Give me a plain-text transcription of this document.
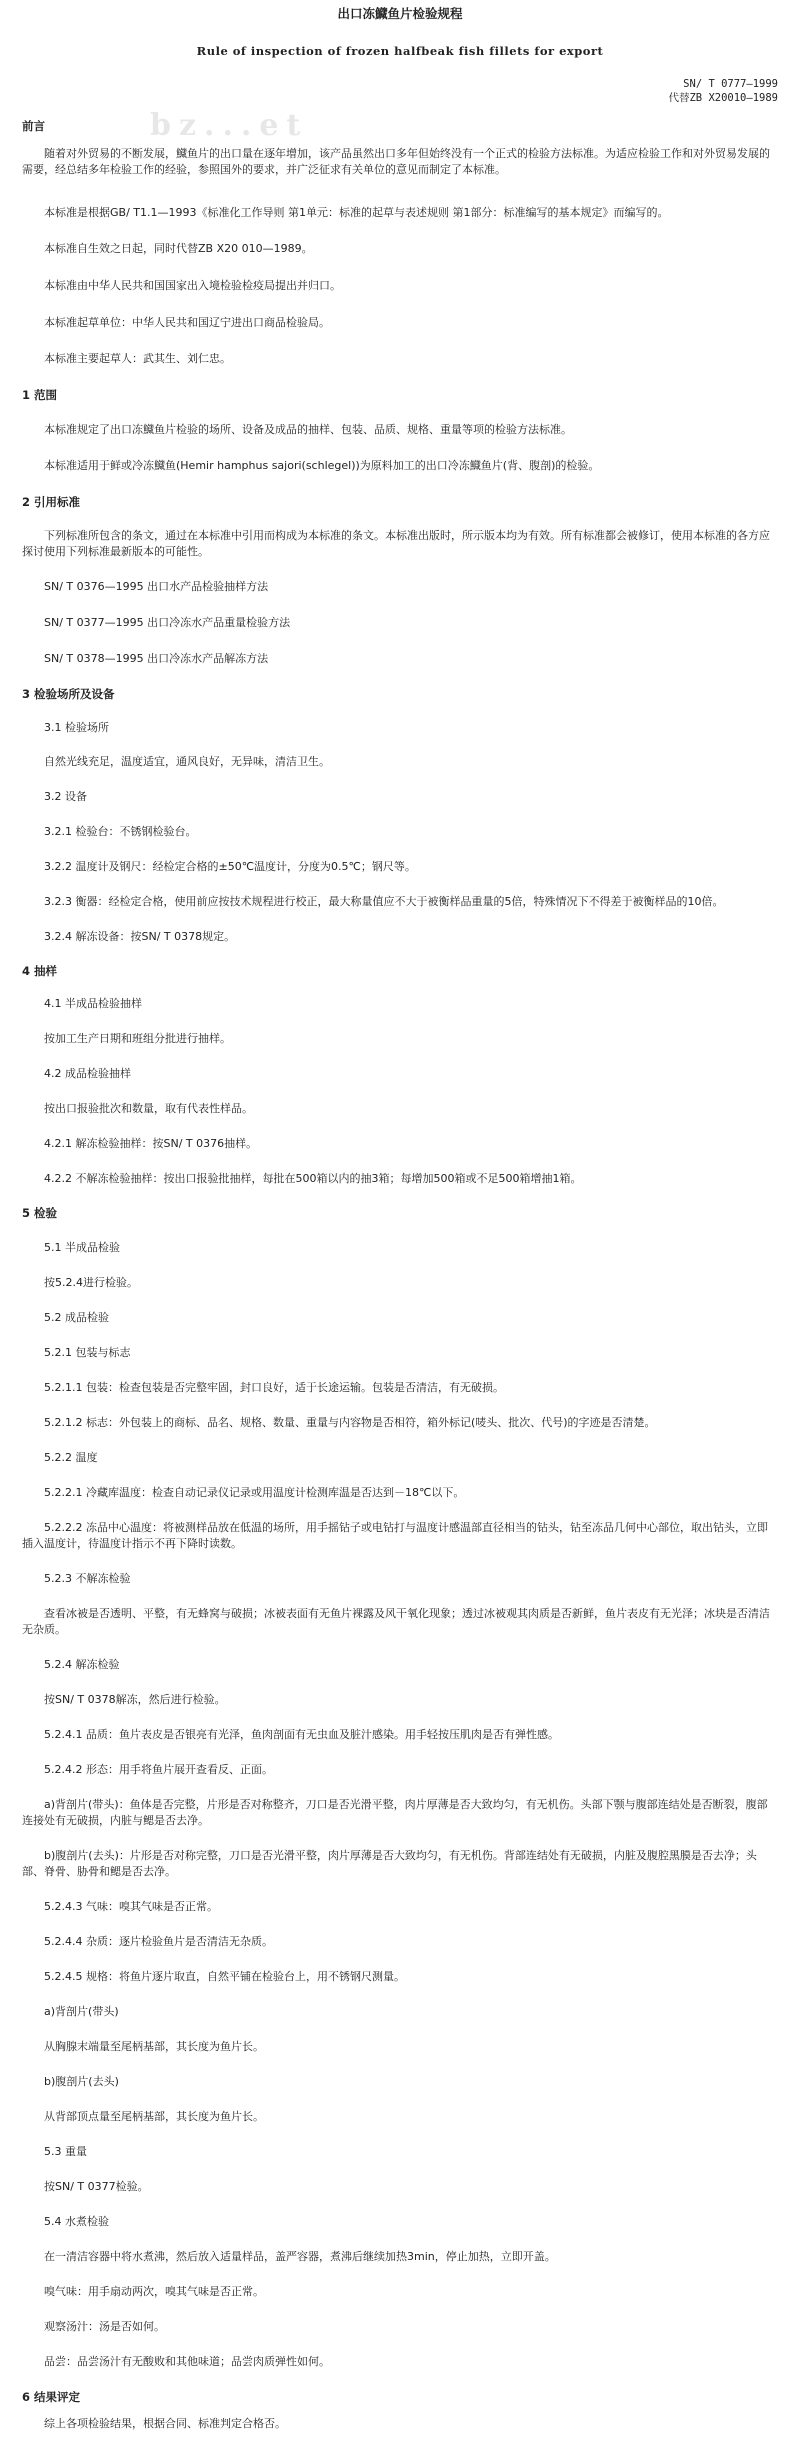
bz...et
出口冻鱵鱼片检验规程
Rule of inspection of frozen halfbeak fish fillets for export
SN/ T 0777—1999
代替ZB X20010—1989
前言
随着对外贸易的不断发展，鱵鱼片的出口量在逐年增加，该产品虽然出口多年但始终没有一个正式的检验方法标准。为适应检验工作和对外贸易发展的需要，经总结多年检验工作的经验，参照国外的要求，并广泛征求有关单位的意见而制定了本标准。
本标准是根据GB/ T1.1—1993《标准化工作导则 第1单元：标准的起草与表述规则 第1部分：标准编写的基本规定》而编写的。
本标准自生效之日起，同时代替ZB X20 010—1989。
本标准由中华人民共和国国家出入境检验检疫局提出并归口。
本标准起草单位：中华人民共和国辽宁进出口商品检验局。
本标准主要起草人：武其生、刘仁忠。
1 范围
本标准规定了出口冻鱵鱼片检验的场所、设备及成品的抽样、包装、品质、规格、重量等项的检验方法标准。
本标准适用于鲜或冷冻鱵鱼(Hemir hamphus sajori(schlegel))为原料加工的出口冷冻鱵鱼片(背、腹剖)的检验。
2 引用标准
下列标准所包含的条文，通过在本标准中引用而构成为本标准的条文。本标准出版时，所示版本均为有效。所有标准都会被修订，使用本标准的各方应探讨使用下列标准最新版本的可能性。
SN/ T 0376—1995 出口水产品检验抽样方法
SN/ T 0377—1995 出口冷冻水产品重量检验方法
SN/ T 0378—1995 出口冷冻水产品解冻方法
3 检验场所及设备
3.1 检验场所
自然光线充足，温度适宜，通风良好，无异味，清洁卫生。
3.2 设备
3.2.1 检验台：不锈钢检验台。
3.2.2 温度计及钢尺：经检定合格的±50℃温度计，分度为0.5℃；钢尺等。
3.2.3 衡器：经检定合格，使用前应按技术规程进行校正，最大称量值应不大于被衡样品重量的5倍，特殊情况下不得差于被衡样品的10倍。
3.2.4 解冻设备：按SN/ T 0378规定。
4 抽样
4.1 半成品检验抽样
按加工生产日期和班组分批进行抽样。
4.2 成品检验抽样
按出口报验批次和数量，取有代表性样品。
4.2.1 解冻检验抽样：按SN/ T 0376抽样。
4.2.2 不解冻检验抽样：按出口报验批抽样，每批在500箱以内的抽3箱；每增加500箱或不足500箱增抽1箱。
5 检验
5.1 半成品检验
按5.2.4进行检验。
5.2 成品检验
5.2.1 包装与标志
5.2.1.1 包装：检查包装是否完整牢固，封口良好，适于长途运输。包装是否清洁，有无破损。
5.2.1.2 标志：外包装上的商标、品名、规格、数量、重量与内容物是否相符，箱外标记(唛头、批次、代号)的字迹是否清楚。
5.2.2 温度
5.2.2.1 冷藏库温度：检查自动记录仪记录或用温度计检测库温是否达到－18℃以下。
5.2.2.2 冻品中心温度：将被测样品放在低温的场所，用手摇钻子或电钻打与温度计感温部直径相当的钻头，钻至冻品几何中心部位，取出钻头，立即插入温度计，待温度计指示不再下降时读数。
5.2.3 不解冻检验
查看冰被是否透明、平整，有无蜂窝与破损；冰被表面有无鱼片裸露及风干氧化现象；透过冰被观其肉质是否新鲜，鱼片表皮有无光泽；冰块是否清洁无杂质。
5.2.4 解冻检验
按SN/ T 0378解冻，然后进行检验。
5.2.4.1 品质：鱼片表皮是否银亮有光泽，鱼肉剖面有无虫血及脏汁感染。用手轻按压肌肉是否有弹性感。
5.2.4.2 形态：用手将鱼片展开查看反、正面。
a)背剖片(带头)：鱼体是否完整，片形是否对称整齐，刀口是否光滑平整，肉片厚薄是否大致均匀，有无机伤。头部下颚与腹部连结处是否断裂，腹部连接处有无破损，内脏与鳃是否去净。
b)腹剖片(去头)：片形是否对称完整，刀口是否光滑平整，肉片厚薄是否大致均匀，有无机伤。背部连结处有无破损，内脏及腹腔黑膜是否去净；头部、脊骨、胁骨和鳃是否去净。
5.2.4.3 气味：嗅其气味是否正常。
5.2.4.4 杂质：逐片检验鱼片是否清洁无杂质。
5.2.4.5 规格：将鱼片逐片取直，自然平铺在检验台上，用不锈钢尺测量。
a)背剖片(带头)
从胸腺末端量至尾柄基部，其长度为鱼片长。
b)腹剖片(去头)
从背部顶点量至尾柄基部，其长度为鱼片长。
5.3 重量
按SN/ T 0377检验。
5.4 水煮检验
在一清洁容器中将水煮沸，然后放入适量样品，盖严容器，煮沸后继续加热3min，停止加热，立即开盖。
嗅气味：用手扇动两次，嗅其气味是否正常。
观察汤汁：汤是否如何。
品尝：品尝汤汁有无酸败和其他味道；品尝肉质弹性如何。
6 结果评定
综上各项检验结果，根据合同、标准判定合格否。
